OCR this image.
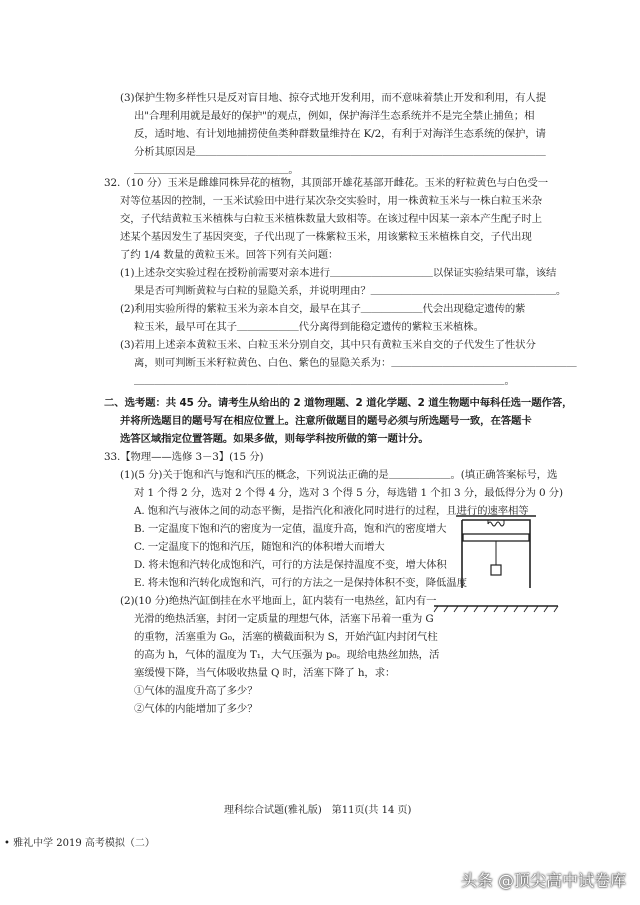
(3)保护生物多样性只是反对盲目地、掠夺式地开发利用，而不意味着禁止开发和利用，有人提
出"合理利用就是最好的保护"的观点，例如，保护海洋生态系统并不是完全禁止捕鱼；相
反，适时地、有计划地捕捞使鱼类种群数量维持在 K/2，有利于对海洋生态系统的保护，请
分析其原因是＿＿＿＿＿＿＿＿＿＿＿＿＿＿＿＿＿＿＿＿＿＿＿＿＿＿＿＿＿＿＿＿＿＿
＿＿＿＿＿＿＿＿＿＿＿＿＿＿＿。
32.（10 分）玉米是雌雄同株异花的植物，其顶部开雄花基部开雌花。玉米的籽粒黄色与白色受一
对等位基因的控制，一玉米试验田中进行某次杂交实验时，用一株黄粒玉米与一株白粒玉米杂
交，子代结黄粒玉米植株与白粒玉米植株数量大致相等。在该过程中因某一亲本产生配子时上
述某个基因发生了基因突变，子代出现了一株紫粒玉米，用该紫粒玉米植株自交，子代出现
了约 1/4 数量的黄粒玉米。回答下列有关问题：
(1)上述杂交实验过程在授粉前需要对亲本进行＿＿＿＿＿＿＿＿＿＿以保证实验结果可靠，该结
果是否可判断黄粒与白粒的显隐关系，并说明理由？＿＿＿＿＿＿＿＿＿＿＿＿＿＿＿＿＿＿。
(2)利用实验所得的紫粒玉米为亲本自交，最早在其子＿＿＿＿＿＿代会出现稳定遗传的紫
粒玉米，最早可在其子＿＿＿＿＿＿代分离得到能稳定遗传的紫粒玉米植株。
(3)若用上述亲本黄粒玉米、白粒玉米分别自交，其中只有黄粒玉米自交的子代发生了性状分
离，则可判断玉米籽粒黄色、白色、紫色的显隐关系为：＿＿＿＿＿＿＿＿＿＿＿＿＿＿＿＿＿＿
＿＿＿＿＿＿＿＿＿＿＿＿＿＿＿＿＿＿＿＿＿＿＿＿＿＿＿＿＿＿＿＿＿＿＿＿。
二、选考题：共 45 分。请考生从给出的 2 道物理题、2 道化学题、2 道生物题中每科任选一题作答，
并将所选题目的题号写在相应位置上。注意所做题目的题号必须与所选题号一致，在答题卡
选答区域指定位置答题。如果多做，则每学科按所做的第一题计分。
33.【物理——选修 3－3】(15 分)
(1)(5 分)关于饱和汽与饱和汽压的概念，下列说法正确的是＿＿＿＿＿＿。(填正确答案标号，选
对 1 个得 2 分，选对 2 个得 4 分，选对 3 个得 5 分，每选错 1 个扣 3 分，最低得分为 0 分)
A. 饱和汽与液体之间的动态平衡，是指汽化和液化同时进行的过程，且进行的速率相等
B. 一定温度下饱和汽的密度为一定值，温度升高，饱和汽的密度增大
C. 一定温度下的饱和汽压，随饱和汽的体积增大而增大
D. 将未饱和汽转化成饱和汽，可行的方法是保持温度不变，增大体积
E. 将未饱和汽转化成饱和汽，可行的方法之一是保持体积不变，降低温度
(2)(10 分)绝热汽缸倒挂在水平地面上，缸内装有一电热丝，缸内有一
光滑的绝热活塞，封闭一定质量的理想气体，活塞下吊着一重为 G
的重物，活塞重为 G₀，活塞的横截面积为 S，开始汽缸内封闭气柱
的高为 h，气体的温度为 T₁，大气压强为 p₀。现给电热丝加热，活
塞缓慢下降，当气体吸收热量 Q 时，活塞下降了 h，求：
①气体的温度升高了多少？
②气体的内能增加了多少？
理科综合试题(雅礼版)　第11页(共 14 页)
• 雅礼中学 2019 高考模拟（二）
头条 @顶尖高中试卷库
